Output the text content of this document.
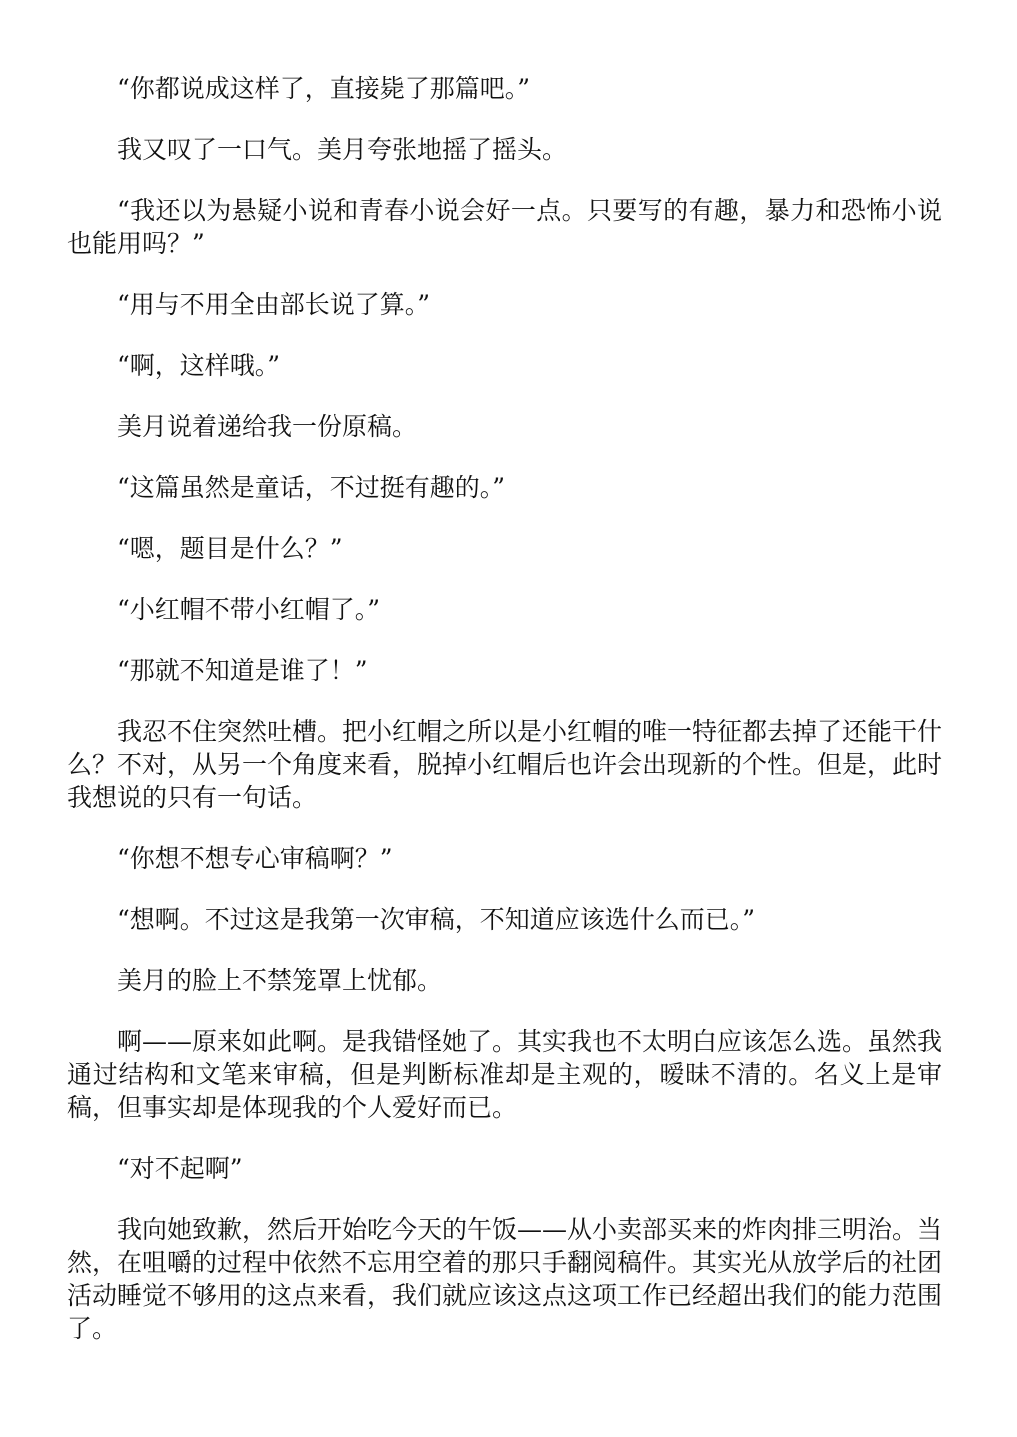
“你都说成这样了，直接毙了那篇吧。”

我又叹了一口气。美月夸张地摇了摇头。

“我还以为悬疑小说和青春小说会好一点。只要写的有趣，暴力和恐怖小说也能用吗？”

“用与不用全由部长说了算。”

“啊，这样哦。”

美月说着递给我一份原稿。

“这篇虽然是童话，不过挺有趣的。”

“嗯，题目是什么？”

“小红帽不带小红帽了。”

“那就不知道是谁了！”

我忍不住突然吐槽。把小红帽之所以是小红帽的唯一特征都去掉了还能干什么？不对，从另一个角度来看，脱掉小红帽后也许会出现新的个性。但是，此时我想说的只有一句话。

“你想不想专心审稿啊？”

“想啊。不过这是我第一次审稿，不知道应该选什么而已。”

美月的脸上不禁笼罩上忧郁。

啊——原来如此啊。是我错怪她了。其实我也不太明白应该怎么选。虽然我通过结构和文笔来审稿，但是判断标准却是主观的，暧昧不清的。名义上是审稿，但事实却是体现我的个人爱好而已。

“对不起啊”

我向她致歉，然后开始吃今天的午饭——从小卖部买来的炸肉排三明治。当然，在咀嚼的过程中依然不忘用空着的那只手翻阅稿件。其实光从放学后的社团活动睡觉不够用的这点来看，我们就应该这点这项工作已经超出我们的能力范围了。
